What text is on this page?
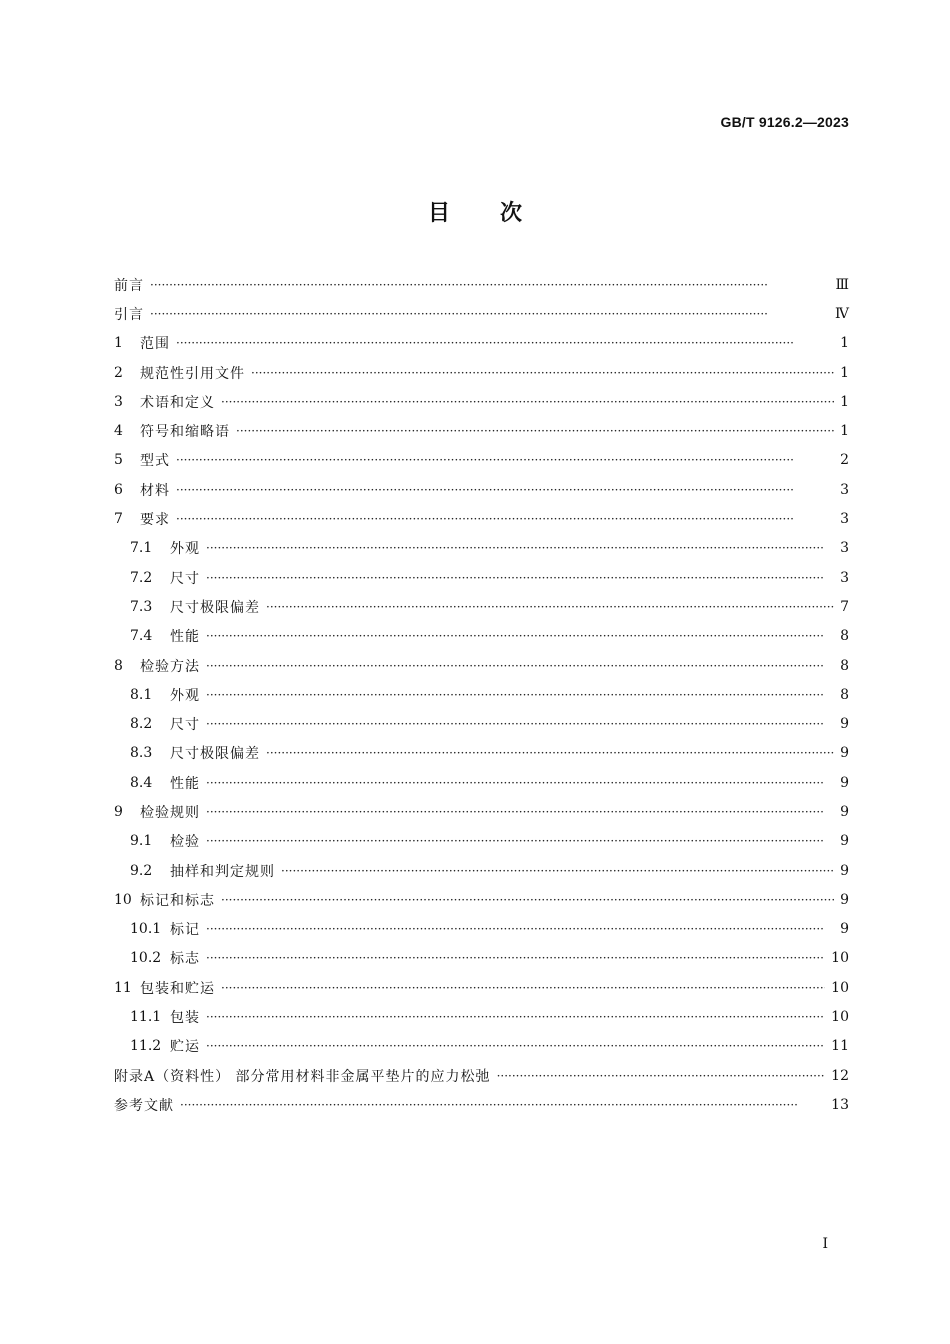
GB/T 9126.2—2023
目次
前言 ·····	Ⅲ
引言 ·····	Ⅳ
1	范围 ·····	1
2	规范性引用文件 ·····	1
3	术语和定义 ·····	1
4	符号和缩略语 ·····	1
5	型式 ·····	2
6	材料 ·····	3
7	要求 ·····	3
7.1	外观 ·····	3
7.2	尺寸 ·····	3
7.3	尺寸极限偏差 ·····	7
7.4	性能 ·····	8
8	检验方法 ·····	8
8.1	外观 ·····	8
8.2	尺寸 ·····	9
8.3	尺寸极限偏差 ·····	9
8.4	性能 ·····	9
9	检验规则 ·····	9
9.1	检验 ·····	9
9.2	抽样和判定规则 ·····	9
10 标记和标志 ·····	9
10.1 标记 ·····	9
10.2 标志 ·····	10
11 包装和贮运 ·····	10
11.1 包装 ·····	10
11.2 贮运 ·····	11
附录A（资料性） 部分常用材料非金属平垫片的应力松弛 ·····	12
参考文献 ·····	13
I
